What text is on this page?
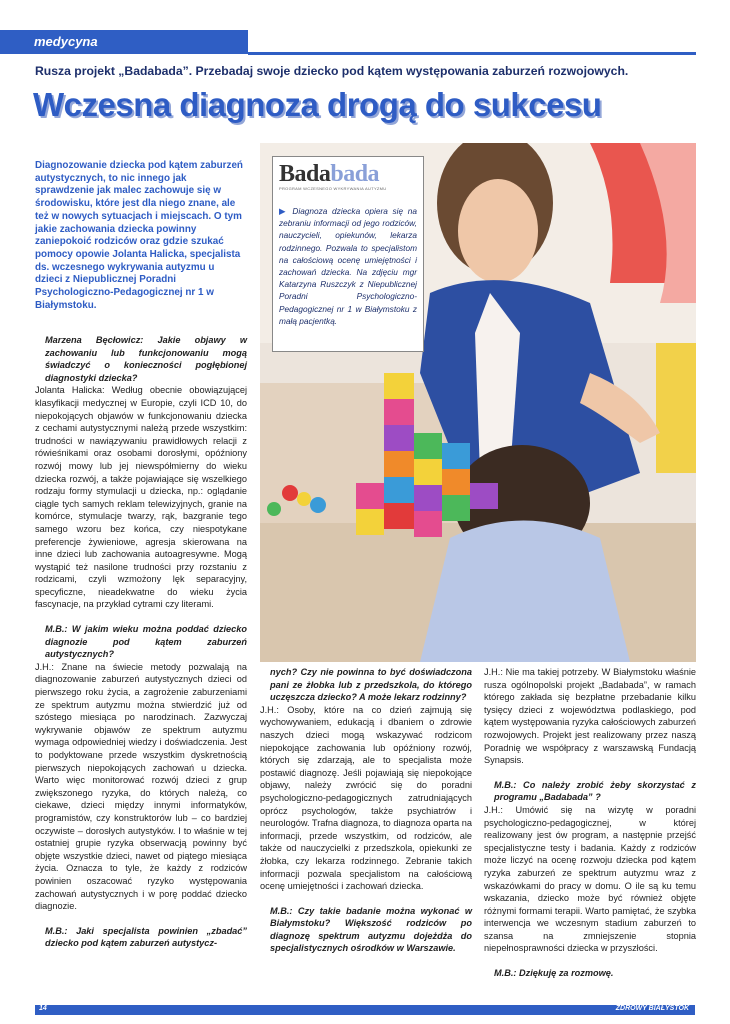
medycyna
Rusza projekt „Badabada”. Przebadaj swoje dziecko pod kątem występowania zaburzeń rozwojowych.
Wczesna diagnoza drogą do sukcesu
Badabada
PROGRAM WCZESNEGO WYKRYWANIA AUTYZMU
▶ Diagnoza dziecka opiera się na zebraniu informacji od jego rodziców, nauczycieli, opiekunów, lekarza rodzinnego. Pozwala to specjalistom na całościową ocenę umiejętności i zachowań dziecka. Na zdjęciu mgr Katarzyna Ruszczyk z Niepublicznej Poradni Psychologiczno-Pedagogicznej nr 1 w Białymstoku z małą pacjentką.
Diagnozowanie dziecka pod kątem zaburzeń autystycznych, to nic innego jak sprawdzenie jak malec zachowuje się w środowisku, które jest dla niego znane, ale też w nowych sytuacjach i miejscach. O tym jakie zachowania dziecka powinny zaniepokoić rodziców oraz gdzie szukać pomocy opowie Jolanta Halicka, specjalista ds. wczesnego wykrywania autyzmu u dzieci z Niepublicznej Poradni Psychologiczno-Pedagogicznej nr 1 w Białymstoku.

Marzena Bęcłowicz: Jakie objawy w zachowaniu lub funkcjonowaniu mogą świadczyć o konieczności pogłębionej diagnostyki dziecka?

Jolanta Halicka: Według obecnie obowiązującej klasyfikacji medycznej w Europie, czyli ICD 10, do niepokojących objawów w funkcjonowaniu dziecka z cechami autystycznymi należą przede wszystkim: trudności w nawiązywaniu prawidłowych relacji z rówieśnikami oraz osobami dorosłymi, opóźniony rozwój mowy lub jej niewspółmierny do wieku dziecka rozwój, a także pojawiające się wszelkiego rodzaju formy stymulacji u dziecka, np.: oglądanie ciągle tych samych reklam telewizyjnych, granie na komórce, stymulacje twarzy, rąk, bazgranie tego samego wzoru bez końca, czy niespotykane preferencje żywieniowe, agresja skierowana na inne dzieci lub zachowania autoagresywne. Mogą wystąpić też nasilone trudności przy rozstaniu z rodzicami, czyli wzmożony lęk separacyjny, specyficzne, nieadekwatne do wieku życia fascynacje, na przykład cytrami czy literami.

M.B.: W jakim wieku można poddać dziecko diagnozie pod kątem zaburzeń autystycznych?

J.H.: Znane na świecie metody pozwalają na diagnozowanie zaburzeń autystycznych dzieci od pierwszego roku życia, a zagrożenie zaburzeniami ze spektrum autyzmu można stwierdzić już od szóstego miesiąca po narodzinach. Zazwyczaj wykrywanie objawów ze spektrum autyzmu wymaga odpowiedniej wiedzy i doświadczenia. Jest to podyktowane przede wszystkim dyskretnością pierwszych niepokojących zachowań u dziecka. Warto więc monitorować rozwój dzieci z grup zwiększonego ryzyka, do których należą, co ciekawe, dzieci między innymi informatyków, programistów, czy konstruktorów lub – co bardziej oczywiste – dorosłych autystyków. I to właśnie w tej ostatniej grupie ryzyka obserwacją powinny być objęte wszystkie dzieci, nawet od piątego miesiąca życia. Oznacza to tyle, że każdy z rodziców powinien oszacować ryzyko występowania zachowań autystycznych i w porę poddać dziecko diagnozie.

M.B.: Jaki specjalista powinien „zbadać” dziecko pod kątem zaburzeń autystycz-

nych? Czy nie powinna to być doświadczona pani ze żłobka lub z przedszkola, do którego uczęszcza dziecko? A może lekarz rodzinny?

J.H.: Osoby, które na co dzień zajmują się wychowywaniem, edukacją i dbaniem o zdrowie naszych dzieci mogą wskazywać rodzicom niepokojące zachowania lub opóźniony rozwój, których się zdarzają, ale to specjalista może postawić diagnozę. Jeśli pojawiają się niepokojące objawy, należy zwrócić się do poradni psychologiczno-pedagogicznych zatrudniających oprócz psychologów, także psychiatrów i neurologów. Trafna diagnoza, to diagnoza oparta na informacji, przede wszystkim, od rodziców, ale także od nauczycielki z przedszkola, opiekunki ze żłobka, czy lekarza rodzinnego. Zebranie takich informacji pozwala specjalistom na całościową ocenę umiejętności i zachowań dziecka.

M.B.: Czy takie badanie można wykonać w Białymstoku? Większość rodziców po diagnozę spektrum autyzmu dojeżdża do specjalistycznych ośrodków w Warszawie.

J.H.: Nie ma takiej potrzeby. W Białymstoku właśnie rusza ogólnopolski projekt „Badabada”, w ramach którego zakłada się bezpłatne przebadanie kilku tysięcy dzieci z województwa podlaskiego, pod kątem występowania ryzyka całościowych zaburzeń rozwojowych. Projekt jest realizowany przez naszą Poradnię we współpracy z warszawską Fundacją Synapsis.

M.B.: Co należy zrobić żeby skorzystać z programu „Badabada” ?

J.H.: Umówić się na wizytę w poradni psychologiczno-pedagogicznej, w której realizowany jest ów program, a następnie przejść specjalistyczne testy i badania. Każdy z rodziców może liczyć na ocenę rozwoju dziecka pod kątem ryzyka zaburzeń ze spektrum autyzmu wraz z wskazówkami do pracy w domu. O ile są ku temu wskazania, dziecko może być również objęte różnymi formami terapii. Warto pamiętać, że szybka interwencja we wczesnym stadium zaburzeń to szansa na zmniejszenie stopnia niepełnosprawności dziecka w przyszłości.

M.B.: Dziękuję za rozmowę.

14	ZDROWY BIAŁYSTOK
